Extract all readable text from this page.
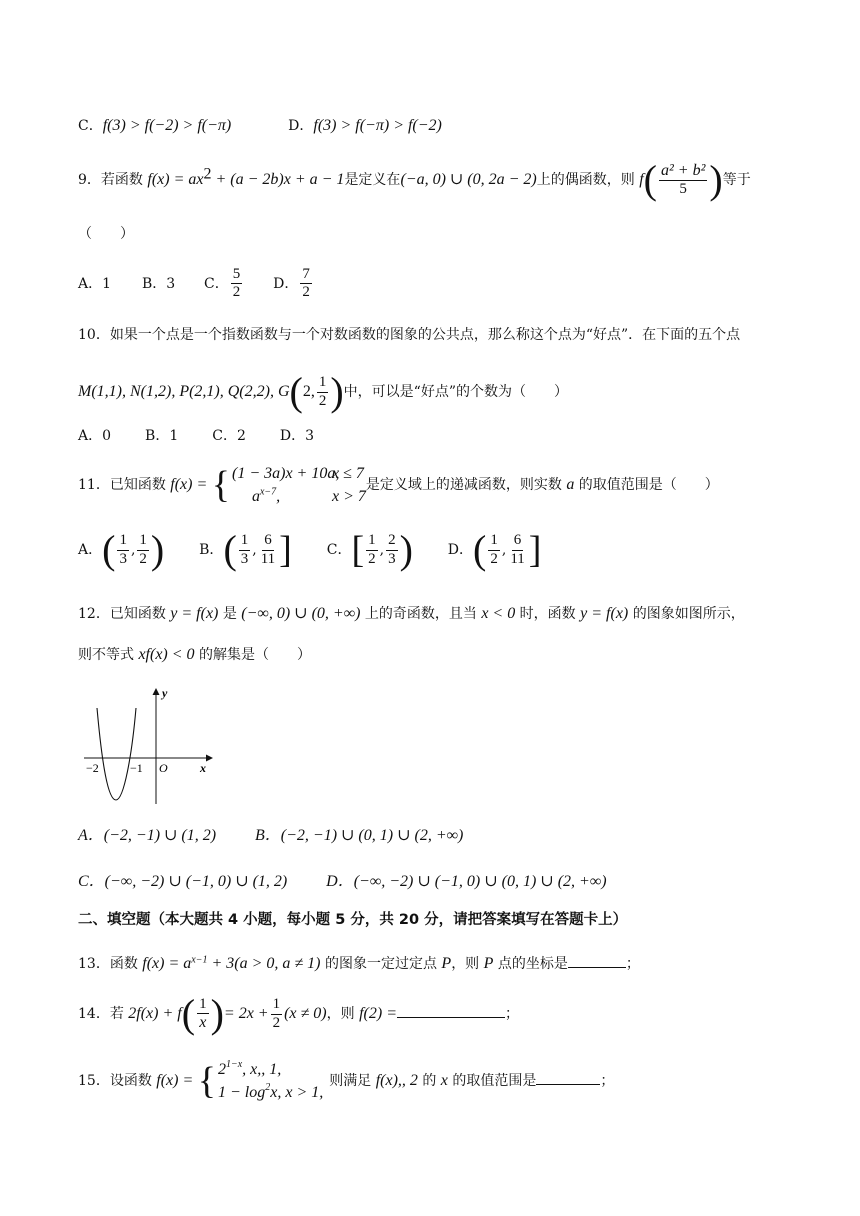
C．f(3) > f(−2) > f(−π)	D．f(3) > f(−π) > f(−2)
9．若函数 $f(x) = ax^2 + (a - 2b)x + a - 1$是定义在(−a, 0) ∪ (0, 2a − 2)上的偶函数，则 $f( \frac{\text{a² + b²}}{5}$ )等于
（　　）
A．1 B．3 C． $\frac{5}{2}$ D． $\frac{7}{2}$
10．如果一个点是一个指数函数与一个对数函数的图象的公共点，那么称这个点为“好点”．在下面的五个点
M(1,1), N(1,2), P(2,1), Q(2,2), G(2, $\frac{1}{2}$ )中，可以是“好点”的个数为（　　）
A．0 B．1 C．2 D．3
11．已知函数 f(x) = { (1 − 3a)x + 10a,
x ≤ 7
$a^{x-7}$,	x > 7
是定义域上的递减函数，则实数 a 的取值范围是（　　）
A．( $\frac{1}{3}$ , $\frac{1}{2}$ ) B．( $\frac{1}{3}$ , $\frac{6}{11}$ ] C．[ $\frac{1}{2}$ , $\frac{2}{3}$ ) D．( $\frac{1}{2}$ , $\frac{6}{11}$ ]
12．已知函数 y = f(x) 是 (−∞, 0) ∪ (0, +∞) 上的奇函数，且当 x < 0 时，函数 y = f(x) 的图象如图所示，
则不等式 xf(x) < 0 的解集是（　　）
y
x
O
−2	−1
A．(−2, −1) ∪ (1, 2) B．(−2, −1) ∪ (0, 1) ∪ (2, +∞)
C．(−∞, −2) ∪ (−1, 0) ∪ (1, 2) D．(−∞, −2) ∪ (−1, 0) ∪ (0, 1) ∪ (2, +∞)
二、填空题（本大题共 4 小题，每小题 5 分，共 20 分，请把答案填写在答题卡上）
13．函数 $f(x) = a^{x-1} + 3(a > 0$, a ≠ 1) 的图象一定过定点 P，则 P 点的坐标是	；
14．若 $2f(x) + f( \frac{1}{x}$ )= $2x + \frac{1}{2} (x \ne 0)$，则 f(2) =	；
15．设函数 f(x) = { 2 1−x , x,, 1,
1 − log 2 x, x > 1,
则满足 f(x),, 2 的 x 的取值范围是	；
